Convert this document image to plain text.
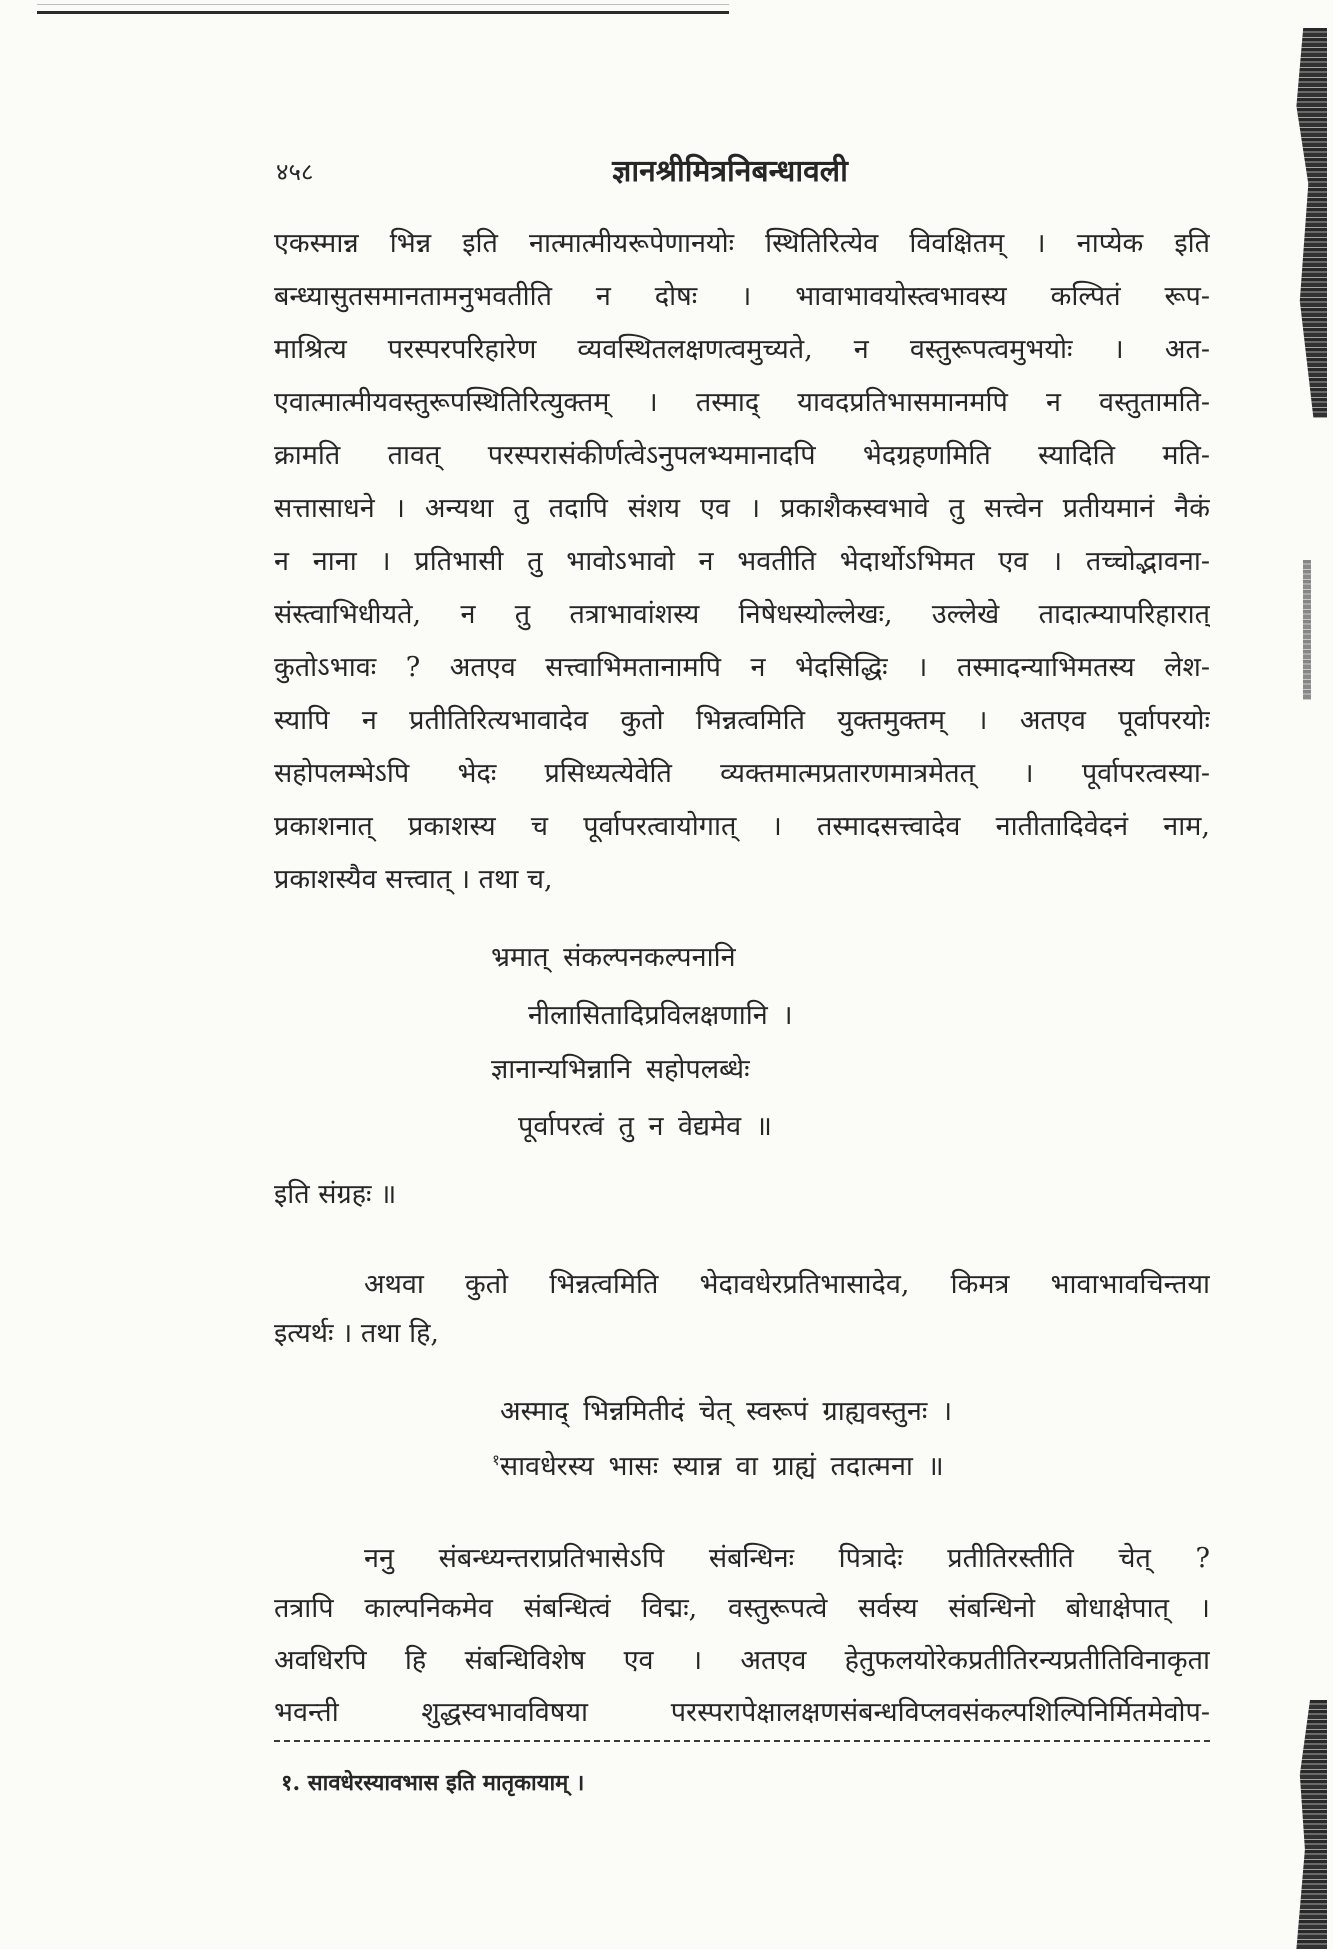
४५८	ज्ञानश्रीमित्रनिबन्धावली
एकस्मान्न भिन्न इति नात्मात्मीयरूपेणानयोः स्थितिरित्येव विवक्षितम् । नाप्येक इति
बन्ध्यासुतसमानतामनुभवतीति न दोषः । भावाभावयोस्त्वभावस्य कल्पितं रूप-
माश्रित्य परस्परपरिहारेण व्यवस्थितलक्षणत्वमुच्यते, न वस्तुरूपत्वमुभयोः । अत-
एवात्मात्मीयवस्तुरूपस्थितिरित्युक्तम् । तस्माद् यावदप्रतिभासमानमपि न वस्तुतामति-
क्रामति तावत् परस्परासंकीर्णत्वेऽनुपलभ्यमानादपि भेदग्रहणमिति स्यादिति मति-
सत्तासाधने । अन्यथा तु तदापि संशय एव । प्रकाशैकस्वभावे तु सत्त्वेन प्रतीयमानं नैकं
न नाना । प्रतिभासी तु भावोऽभावो न भवतीति भेदार्थोऽभिमत एव । तच्चोद्भावना-
संस्त्वाभिधीयते, न तु तत्राभावांशस्य निषेधस्योल्लेखः, उल्लेखे तादात्म्यापरिहारात्
कुतोऽभावः ? अतएव सत्त्वाभिमतानामपि न भेदसिद्धिः । तस्मादन्याभिमतस्य लेश-
स्यापि न प्रतीतिरित्यभावादेव कुतो भिन्नत्वमिति युक्तमुक्तम् । अतएव पूर्वापरयोः
सहोपलम्भेऽपि भेदः प्रसिध्यत्येवेति व्यक्तमात्मप्रतारणमात्रमेतत् । पूर्वापरत्वस्या-
प्रकाशनात् प्रकाशस्य च पूर्वापरत्वायोगात् । तस्मादसत्त्वादेव नातीतादिवेदनं नाम,
प्रकाशस्यैव सत्त्वात् । तथा च,
भ्रमात् संकल्पनकल्पनानि
नीलासितादिप्रविलक्षणानि ।
ज्ञानान्यभिन्नानि सहोपलब्धेः
पूर्वापरत्वं तु न वेद्यमेव ॥
इति संग्रहः ॥
अथवा कुतो भिन्नत्वमिति भेदावधेरप्रतिभासादेव, किमत्र भावाभावचिन्तया
इत्यर्थः । तथा हि,
अस्माद् भिन्नमितीदं चेत् स्वरूपं ग्राह्यवस्तुनः ।
$^१$सावधेरस्य भासः स्यान्न वा ग्राह्यं तदात्मना ॥
ननु संबन्ध्यन्तराप्रतिभासेऽपि संबन्धिनः पित्रादेः प्रतीतिरस्तीति चेत् ?
तत्रापि काल्पनिकमेव संबन्धित्वं विद्मः, वस्तुरूपत्वे सर्वस्य संबन्धिनो बोधाक्षेपात् ।
अवधिरपि हि संबन्धिविशेष एव । अतएव हेतुफलयोरेकप्रतीतिरन्यप्रतीतिविनाकृता
भवन्ती शुद्धस्वभावविषया परस्परापेक्षालक्षणसंबन्धविप्लवसंकल्पशिल्पिनिर्मितमेवोप-
१. सावधेरस्यावभास इति मातृकायाम् ।
